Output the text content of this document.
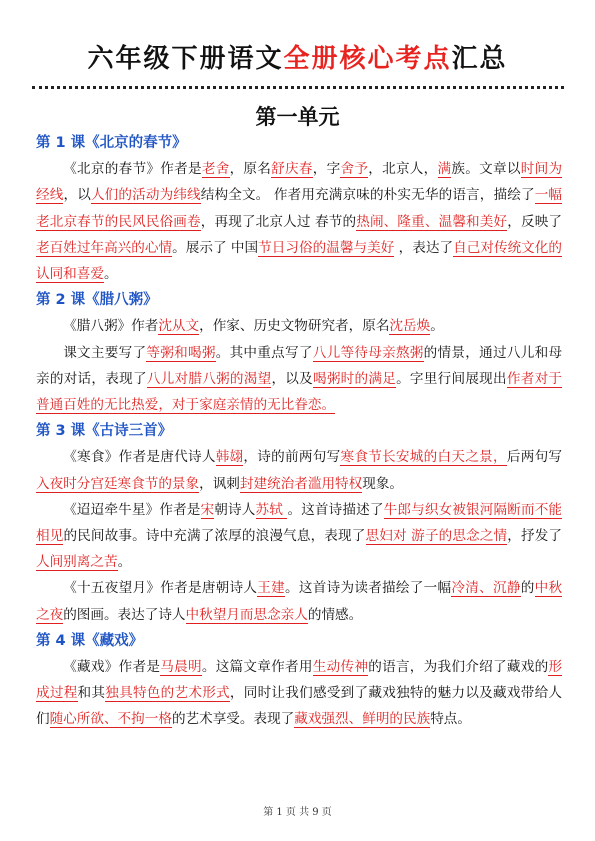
六年级下册语文全册核心考点汇总
第一单元
第 1 课《北京的春节》

《北京的春节》作者是老舍，原名舒庆春，字舍予，北京人，满族。文章以时间为经线，以人们的活动为纬线结构全文。 作者用充满京味的朴实无华的语言，描绘了一幅老北京春节的民风民俗画卷，再现了北京人过 春节的热闹、隆重、温馨和美好，反映了老百姓过年高兴的心情。展示了 中国节日习俗的温馨与美好 ，表达了自己对传统文化的认同和喜爱。

第 2 课《腊八粥》

《腊八粥》作者沈从文，作家、历史文物研究者，原名沈岳焕。

课文主要写了等粥和喝粥。其中重点写了八儿等待母亲熬粥的情景，通过八儿和母亲的对话，表现了八儿对腊八粥的渴望，以及喝粥时的满足。字里行间展现出作者对于普通百姓的无比热爱，对于家庭亲情的无比眷恋。

第 3 课《古诗三首》

《寒食》作者是唐代诗人韩翃，诗的前两句写寒食节长安城的白天之景，后两句写入夜时分宫廷寒食节的景象，讽刺封建统治者滥用特权现象。

《迢迢牵牛星》作者是宋朝诗人苏轼 。这首诗描述了牛郎与织女被银河隔断而不能相见的民间故事。诗中充满了浓厚的浪漫气息，表现了思妇对 游子的思念之情，抒发了人间别离之苦。

《十五夜望月》作者是唐朝诗人王建。这首诗为读者描绘了一幅冷清、沉静的中秋之夜的图画。表达了诗人中秋望月而思念亲人的情感。

第 4 课《藏戏》

《藏戏》作者是马晨明。这篇文章作者用生动传神的语言，为我们介绍了藏戏的形成过程和其独具特色的艺术形式，同时让我们感受到了藏戏独特的魅力以及藏戏带给人们随心所欲、不拘一格的艺术享受。表现了藏戏强烈、鲜明的民族特点。

第 1 页 共 9 页
